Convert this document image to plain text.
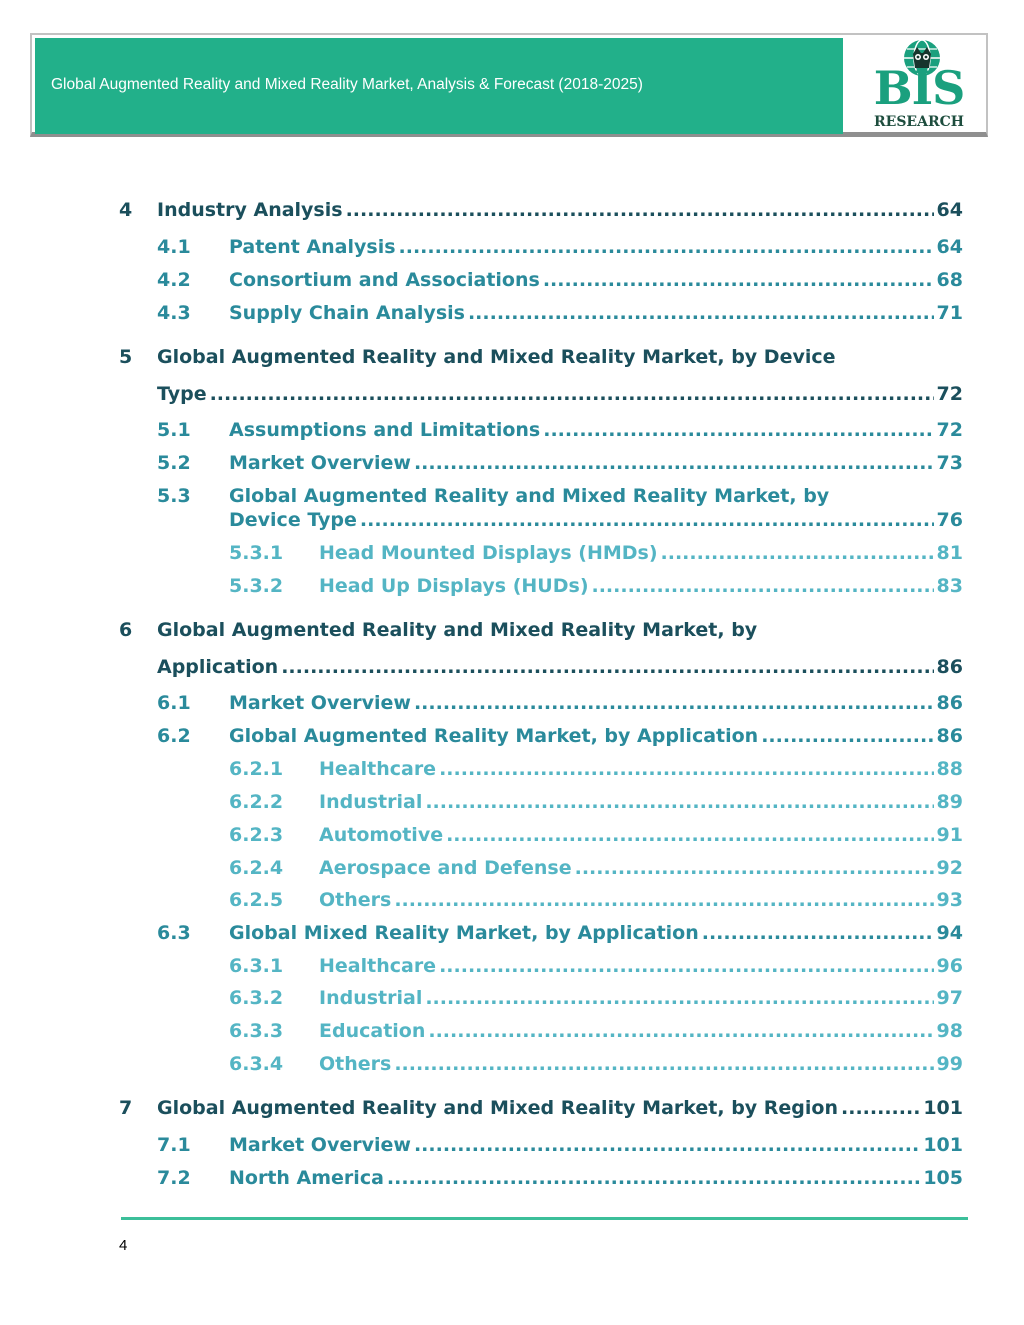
Global Augmented Reality and Mixed Reality Market, Analysis & Forecast (2018-2025)	BIS
RESEARCH
4 Industry Analysis .....	64
4.1 Patent Analysis .....	64
4.2 Consortium and Associations .....	68
4.3 Supply Chain Analysis .....	71
5 Global Augmented Reality and Mixed Reality Market, by Device
Type .....	72
5.1 Assumptions and Limitations .....	72
5.2 Market Overview .....	73
5.3 Global Augmented Reality and Mixed Reality Market, by
Device Type .....	76
5.3.1 Head Mounted Displays (HMDs) .....	81
5.3.2 Head Up Displays (HUDs) .....	83
6 Global Augmented Reality and Mixed Reality Market, by
Application .....	86
6.1 Market Overview .....	86
6.2 Global Augmented Reality Market, by Application .....	86
6.2.1 Healthcare .....	88
6.2.2 Industrial .....	89
6.2.3 Automotive .....	91
6.2.4 Aerospace and Defense .....	92
6.2.5 Others .....	93
6.3 Global Mixed Reality Market, by Application .....	94
6.3.1 Healthcare .....	96
6.3.2 Industrial .....	97
6.3.3 Education .....	98
6.3.4 Others .....	99
7 Global Augmented Reality and Mixed Reality Market, by Region .....	101
7.1 Market Overview .....	101
7.2 North America .....	105
4
